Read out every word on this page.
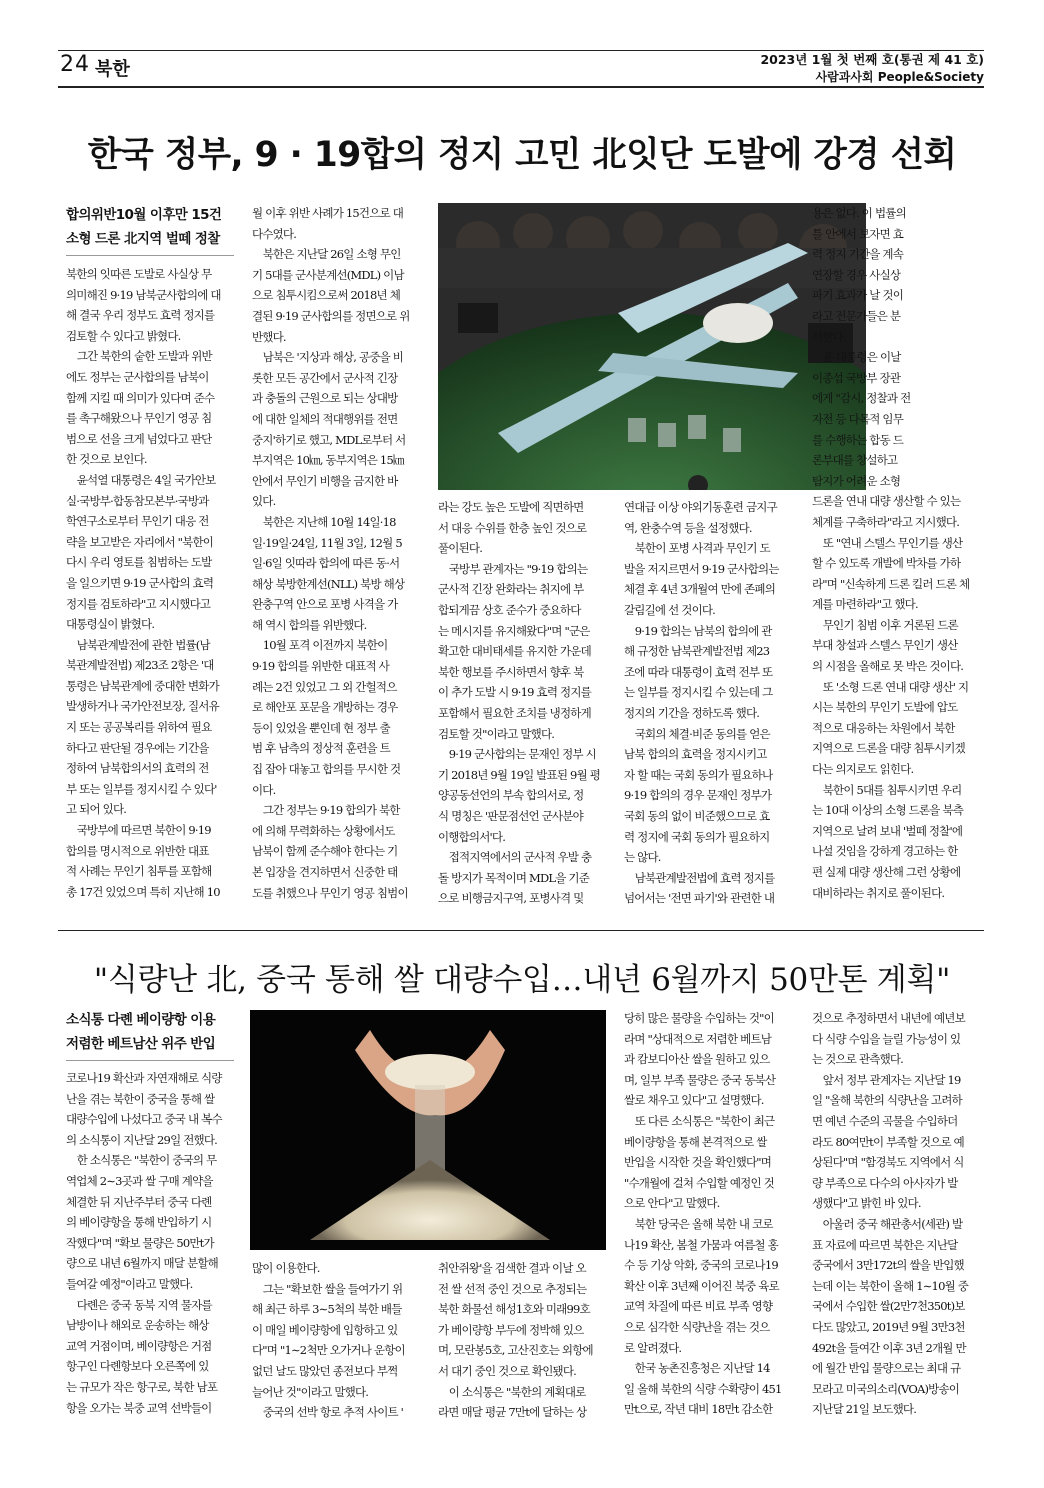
24 북한	2023년 1월 첫 번째 호(통권 제 41 호)
사람과사회 People&Society
한국 정부, 9 · 19합의 정지 고민 北잇단 도발에 강경 선회
합의위반10월 이후만 15건
소형 드론 北지역 벌떼 정찰

북한의 잇따른 도발로 사실상 무

의미해진 9·19 남북군사합의에 대

해 결국 우리 정부도 효력 정지를

검토할 수 있다고 밝혔다.

　그간 북한의 숱한 도발과 위반

에도 정부는 군사합의를 남북이

함께 지킬 때 의미가 있다며 준수

를 촉구해왔으나 무인기 영공 침

범으로 선을 크게 넘었다고 판단

한 것으로 보인다.

　윤석열 대통령은 4일 국가안보

실·국방부·합동참모본부·국방과

학연구소로부터 무인기 대응 전

략을 보고받은 자리에서 "북한이

다시 우리 영토를 침범하는 도발

을 일으키면 9·19 군사합의 효력

정지를 검토하라"고 지시했다고

대통령실이 밝혔다.

　남북관계발전에 관한 법률(남

북관계발전법) 제23조 2항은 '대

통령은 남북관계에 중대한 변화가

발생하거나 국가안전보장, 질서유

지 또는 공공복리를 위하여 필요

하다고 판단될 경우에는 기간을

정하여 남북합의서의 효력의 전

부 또는 일부를 정지시킬 수 있다'

고 되어 있다.

　국방부에 따르면 북한이 9·19

합의를 명시적으로 위반한 대표

적 사례는 무인기 침투를 포함해

총 17건 있었으며 특히 지난해 10

월 이후 위반 사례가 15건으로 대

다수였다.

　북한은 지난달 26일 소형 무인

기 5대를 군사분계선(MDL) 이남

으로 침투시킴으로써 2018년 체

결된 9·19 군사합의를 정면으로 위

반했다.

　남북은 '지상과 해상, 공중을 비

롯한 모든 공간에서 군사적 긴장

과 충돌의 근원으로 되는 상대방

에 대한 일체의 적대행위를 전면

중지'하기로 했고, MDL로부터 서

부지역은 10㎞, 동부지역은 15㎞

안에서 무인기 비행을 금지한 바

있다.

　북한은 지난해 10월 14일·18

일·19일·24일, 11월 3일, 12월 5

일·6일 잇따라 합의에 따른 동·서

해상 북방한계선(NLL) 북방 해상

완충구역 안으로 포병 사격을 가

해 역시 합의를 위반했다.

　10월 포격 이전까지 북한이

9·19 합의를 위반한 대표적 사

례는 2건 있었고 그 외 간헐적으

로 해안포 포문을 개방하는 경우

등이 있었을 뿐인데 현 정부 출

범 후 남측의 정상적 훈련을 트

집 잡아 대놓고 합의를 무시한 것

이다.

　그간 정부는 9·19 합의가 북한

에 의해 무력화하는 상황에서도

남북이 함께 준수해야 한다는 기

본 입장을 견지하면서 신중한 태

도를 취했으나 무인기 영공 침범이

라는 강도 높은 도발에 직면하면

서 대응 수위를 한층 높인 것으로

풀이된다.

　국방부 관계자는 "9·19 합의는

군사적 긴장 완화라는 취지에 부

합되게끔 상호 준수가 중요하다

는 메시지를 유지해왔다"며 "군은

확고한 대비태세를 유지한 가운데

북한 행보를 주시하면서 향후 북

이 추가 도발 시 9·19 효력 정지를

포함해서 필요한 조치를 냉정하게

검토할 것"이라고 말했다.

　9·19 군사합의는 문재인 정부 시

기 2018년 9월 19일 발표된 9월 평

양공동선언의 부속 합의서로, 정

식 명칭은 '판문점선언 군사분야

이행합의서'다.

　접적지역에서의 군사적 우발 충

돌 방지가 목적이며 MDL을 기준

으로 비행금지구역, 포병사격 및

연대급 이상 야외기동훈련 금지구

역, 완충수역 등을 설정했다.

　북한이 포병 사격과 무인기 도

발을 저지르면서 9·19 군사합의는

체결 후 4년 3개월여 만에 존폐의

갈림길에 선 것이다.

　9·19 합의는 남북의 합의에 관

해 규정한 남북관계발전법 제23

조에 따라 대통령이 효력 전부 또

는 일부를 정지시킬 수 있는데 그

정지의 기간을 정하도록 했다.

　국회의 체결·비준 동의를 얻은

남북 합의의 효력을 정지시키고

자 할 때는 국회 동의가 필요하나

9·19 합의의 경우 문재인 정부가

국회 동의 없이 비준했으므로 효

력 정지에 국회 동의가 필요하지

는 않다.

　남북관계발전법에 효력 정지를

넘어서는 '전면 파기'와 관련한 내

용은 없다. 이 법률의

틀 안에서 보자면 효

력 정지 기간을 계속

연장할 경우 사실상

파기 효과가 날 것이

라고 전문가들은 분

석한다.

　윤 대통령은 이날

이종섭 국방부 장관

에게 "감시, 정찰과 전

자전 등 다목적 임무

를 수행하는 합동 드

론부대를 창설하고

탐지가 어려운 소형

드론을 연내 대량 생산할 수 있는

체계를 구축하라"라고 지시했다.

　또 "연내 스텔스 무인기를 생산

할 수 있도록 개발에 박차를 가하

라"며 "신속하게 드론 킬러 드론 체

계를 마련하라"고 했다.

　무인기 침범 이후 거론된 드론

부대 창설과 스텔스 무인기 생산

의 시점을 올해로 못 박은 것이다.

　또 '소형 드론 연내 대량 생산' 지

시는 북한의 무인기 도발에 압도

적으로 대응하는 차원에서 북한

지역으로 드론을 대량 침투시키겠

다는 의지로도 읽힌다.

　북한이 5대를 침투시키면 우리

는 10대 이상의 소형 드론을 북측

지역으로 날려 보내 '벌떼 정찰'에

나설 것임을 강하게 경고하는 한

편 실제 대량 생산해 그런 상황에

대비하라는 취지로 풀이된다.

"식량난 北, 중국 통해 쌀 대량수입…내년 6월까지 50만톤 계획"
소식통 다롄 베이량항 이용
저렴한 베트남산 위주 반입

코로나19 확산과 자연재해로 식량

난을 겪는 북한이 중국을 통해 쌀

대량수입에 나섰다고 중국 내 복수

의 소식통이 지난달 29일 전했다.

　한 소식통은 "북한이 중국의 무

역업체 2∼3곳과 쌀 구매 계약을

체결한 뒤 지난주부터 중국 다롄

의 베이량항을 통해 반입하기 시

작했다"며 "확보 물량은 50만t가

량으로 내년 6월까지 매달 분할해

들여갈 예정"이라고 말했다.

　다롄은 중국 동북 지역 물자를

남방이나 해외로 운송하는 해상

교역 거점이며, 베이량항은 거점

항구인 다롄항보다 오른쪽에 있

는 규모가 작은 항구로, 북한 남포

항을 오가는 북중 교역 선박들이

많이 이용한다.

　그는 "확보한 쌀을 들여가기 위

해 최근 하루 3∼5척의 북한 배들

이 매일 베이량항에 입항하고 있

다"며 "1∼2척만 오가거나 운항이

없던 날도 많았던 종전보다 부쩍

늘어난 것"이라고 말했다.

　중국의 선박 항로 추적 사이트 '

취안쥐왕'을 검색한 결과 이날 오

전 쌀 선적 중인 것으로 추정되는

북한 화물선 해성1호와 미래99호

가 베이량항 부두에 정박해 있으

며, 모란봉5호, 고산진호는 외항에

서 대기 중인 것으로 확인됐다.

　이 소식통은 "북한의 계획대로

라면 매달 평균 7만t에 달하는 상

당히 많은 물량을 수입하는 것"이

라며 "상대적으로 저렴한 베트남

과 캄보디아산 쌀을 원하고 있으

며, 일부 부족 물량은 중국 동북산

쌀로 채우고 있다"고 설명했다.

　또 다른 소식통은 "북한이 최근

베이량항을 통해 본격적으로 쌀

반입을 시작한 것을 확인했다"며

"수개월에 걸쳐 수입할 예정인 것

으로 안다"고 말했다.

　북한 당국은 올해 북한 내 코로

나19 확산, 봄철 가뭄과 여름철 홍

수 등 기상 악화, 중국의 코로나19

확산 이후 3년째 이어진 북중 육로

교역 차질에 따른 비료 부족 영향

으로 심각한 식량난을 겪는 것으

로 알려졌다.

　한국 농촌진흥청은 지난달 14

일 올해 북한의 식량 수확량이 451

만t으로, 작년 대비 18만t 감소한

것으로 추정하면서 내년에 예년보

다 식량 수입을 늘릴 가능성이 있

는 것으로 관측했다.

　앞서 정부 관계자는 지난달 19

일 "올해 북한의 식량난을 고려하

면 예년 수준의 곡물을 수입하더

라도 80여만t이 부족할 것으로 예

상된다"며 "함경북도 지역에서 식

량 부족으로 다수의 아사자가 발

생했다"고 밝힌 바 있다.

　아울러 중국 해관총서(세관) 발

표 자료에 따르면 북한은 지난달

중국에서 3만172t의 쌀을 반입했

는데 이는 북한이 올해 1∼10월 중

국에서 수입한 쌀(2만7천350t)보

다도 많았고, 2019년 9월 3만3천

492t을 들여간 이후 3년 2개월 만

에 월간 반입 물량으로는 최대 규

모라고 미국의소리(VOA)방송이

지난달 21일 보도했다.
